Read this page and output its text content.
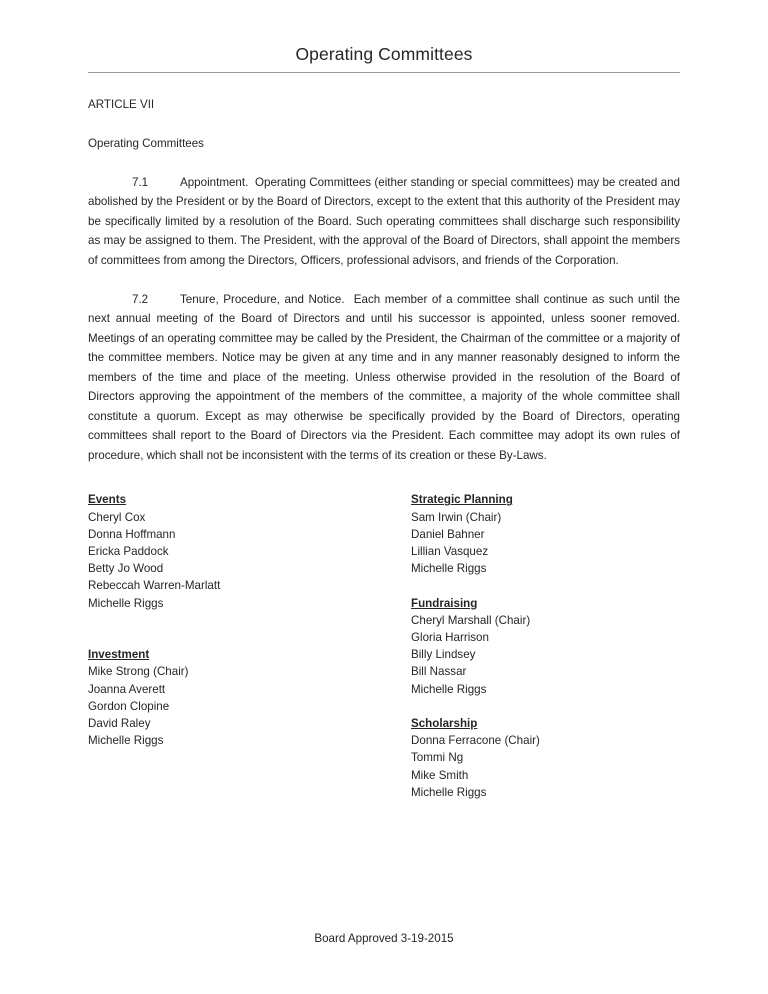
Operating Committees
ARTICLE VII
Operating Committees
7.1	Appointment. Operating Committees (either standing or special committees) may be created and abolished by the President or by the Board of Directors, except to the extent that this authority of the President may be specifically limited by a resolution of the Board. Such operating committees shall discharge such responsibility as may be assigned to them. The President, with the approval of the Board of Directors, shall appoint the members of committees from among the Directors, Officers, professional advisors, and friends of the Corporation.
7.2	Tenure, Procedure, and Notice. Each member of a committee shall continue as such until the next annual meeting of the Board of Directors and until his successor is appointed, unless sooner removed. Meetings of an operating committee may be called by the President, the Chairman of the committee or a majority of the committee members. Notice may be given at any time and in any manner reasonably designed to inform the members of the time and place of the meeting. Unless otherwise provided in the resolution of the Board of Directors approving the appointment of the members of the committee, a majority of the whole committee shall constitute a quorum. Except as may otherwise be specifically provided by the Board of Directors, operating committees shall report to the Board of Directors via the President. Each committee may adopt its own rules of procedure, which shall not be inconsistent with the terms of its creation or these By-Laws.
Events
Cheryl Cox
Donna Hoffmann
Ericka Paddock
Betty Jo Wood
Rebeccah Warren-Marlatt
Michelle Riggs
Investment
Mike Strong (Chair)
Joanna Averett
Gordon Clopine
David Raley
Michelle Riggs
Strategic Planning
Sam Irwin (Chair)
Daniel Bahner
Lillian Vasquez
Michelle Riggs
Fundraising
Cheryl Marshall (Chair)
Gloria Harrison
Billy Lindsey
Bill Nassar
Michelle Riggs
Scholarship
Donna Ferracone (Chair)
Tommi Ng
Mike Smith
Michelle Riggs
Board Approved 3-19-2015
